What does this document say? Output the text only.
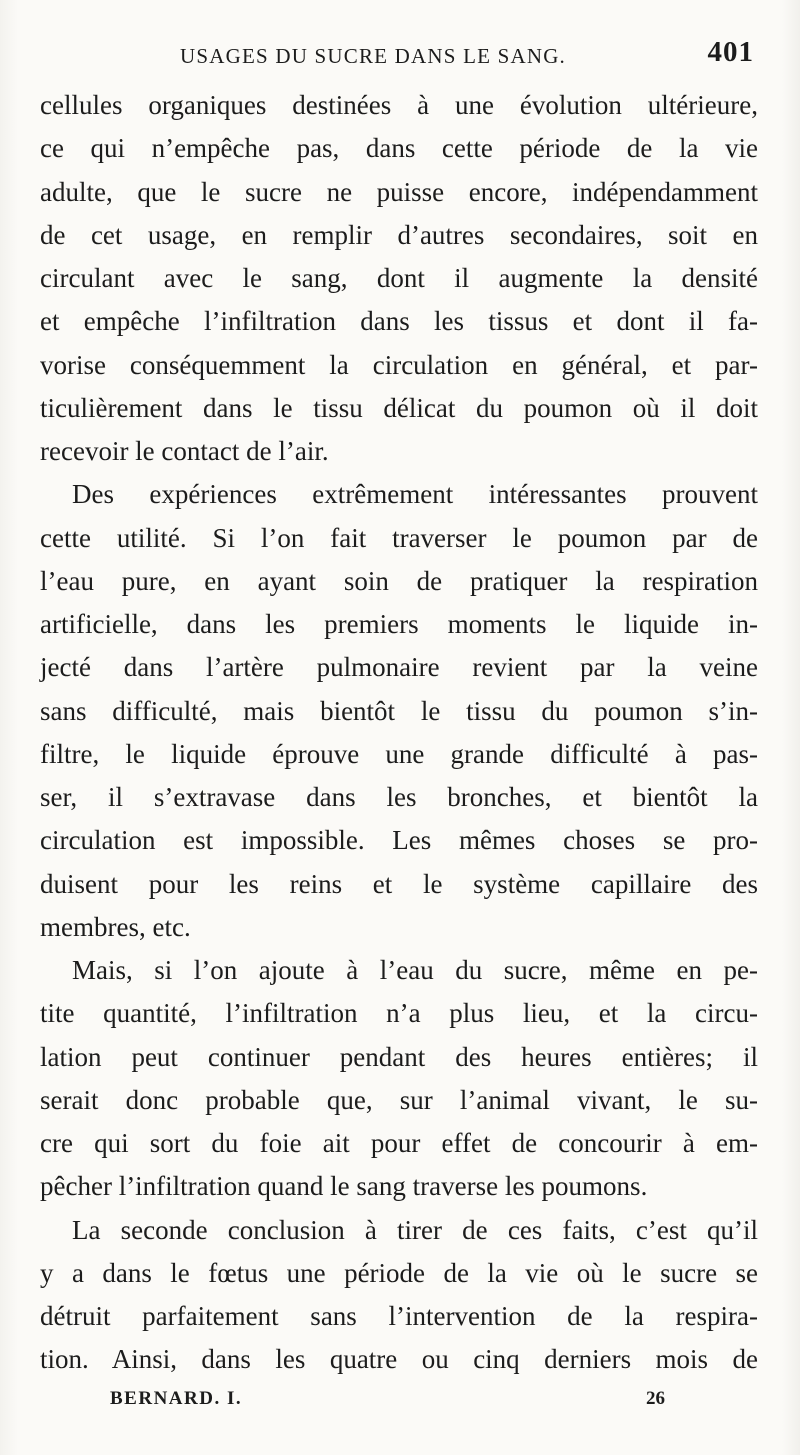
USAGES DU SUCRE DANS LE SANG.	401

cellules organiques destinées à une évolution ultérieure,
ce qui n’empêche pas, dans cette période de la vie
adulte, que le sucre ne puisse encore, indépendamment
de cet usage, en remplir d’autres secondaires, soit en
circulant avec le sang, dont il augmente la densité
et empêche l’infiltration dans les tissus et dont il fa-
vorise conséquemment la circulation en général, et par-
ticulièrement dans le tissu délicat du poumon où il doit
recevoir le contact de l’air.

Des expériences extrêmement intéressantes prouvent
cette utilité. Si l’on fait traverser le poumon par de
l’eau pure, en ayant soin de pratiquer la respiration
artificielle, dans les premiers moments le liquide in-
jecté dans l’artère pulmonaire revient par la veine
sans difficulté, mais bientôt le tissu du poumon s’in-
filtre, le liquide éprouve une grande difficulté à pas-
ser, il s’extravase dans les bronches, et bientôt la
circulation est impossible. Les mêmes choses se pro-
duisent pour les reins et le système capillaire des
membres, etc.

Mais, si l’on ajoute à l’eau du sucre, même en pe-
tite quantité, l’infiltration n’a plus lieu, et la circu-
lation peut continuer pendant des heures entières; il
serait donc probable que, sur l’animal vivant, le su-
cre qui sort du foie ait pour effet de concourir à em-
pêcher l’infiltration quand le sang traverse les poumons.

La seconde conclusion à tirer de ces faits, c’est qu’il
y a dans le fœtus une période de la vie où le sucre se
détruit parfaitement sans l’intervention de la respira-
tion. Ainsi, dans les quatre ou cinq derniers mois de

BERNARD. I.	26
